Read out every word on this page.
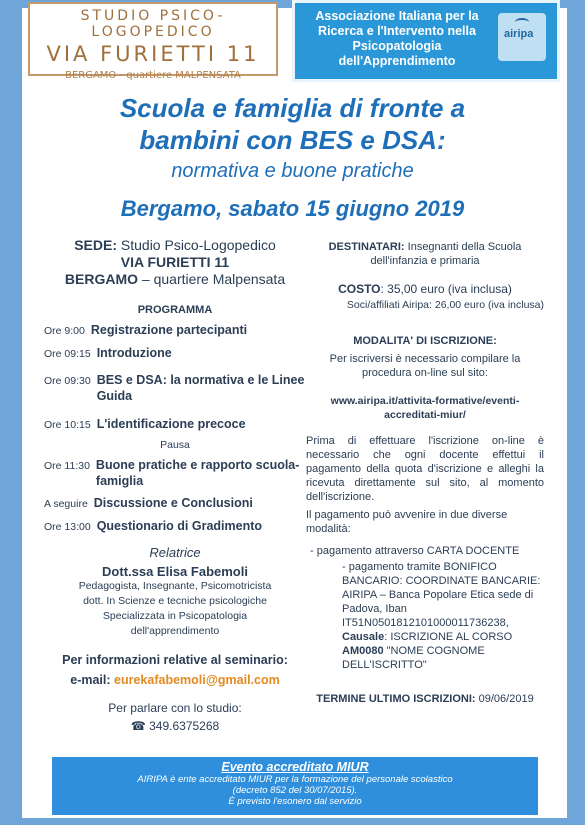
STUDIO PSICO-LOGOPEDICO
VIA FURIETTI 11
BERGAMO - quartiere MALPENSATA
Associazione Italiana per la Ricerca e l'Intervento nella Psicopatologia dell'Apprendimento
airipa
Scuola e famiglia di fronte a
bambini con BES e DSA:
normativa e buone pratiche
Bergamo, sabato 15 giugno 2019
SEDE: Studio Psico-Logopedico
VIA FURIETTI 11
BERGAMO – quartiere Malpensata
PROGRAMMA
Ore 9:00 Registrazione partecipanti
Ore 09:15 Introduzione
Ore 09:30 BES e DSA: la normativa e le Linee Guida
Ore 10:15 L'identificazione precoce
Pausa
Ore 11:30 Buone pratiche e rapporto scuola-famiglia
A seguire Discussione e Conclusioni
Ore 13:00 Questionario di Gradimento
Relatrice
Dott.ssa Elisa Fabemoli
Pedagogista, Insegnante, Psicomotricista
dott. In Scienze e tecniche psicologiche
Specializzata in Psicopatologia
dell'apprendimento
Per informazioni relative al seminario:
e-mail: eurekafabemoli@gmail.com
Per parlare con lo studio:
☎ 349.6375268
DESTINATARI: Insegnanti della Scuola dell'infanzia e primaria
COSTO: 35,00 euro (iva inclusa)
Soci/affiliati Airipa: 26,00 euro (iva inclusa)
MODALITA' DI ISCRIZIONE:
Per iscriversi è necessario compilare la procedura on-line sul sito:
www.airipa.it/attivita-formative/eventi-accreditati-miur/
Prima di effettuare l'iscrizione on-line è necessario che ogni docente effettui il pagamento della quota d'iscrizione e alleghi la ricevuta direttamente sul sito, al momento dell'iscrizione.
Il pagamento può avvenire in due diverse modalità:
- pagamento attraverso CARTA DOCENTE
- pagamento tramite BONIFICO BANCARIO: COORDINATE BANCARIE: AIRIPA – Banca Popolare Etica sede di Padova, Iban IT51N0501812101000011736238,
Causale: ISCRIZIONE AL CORSO AM0080 "NOME COGNOME DELL'ISCRITTO"
TERMINE ULTIMO ISCRIZIONI: 09/06/2019
Evento accreditato MIUR
AIRIPA è ente accreditato MIUR per la formazione del personale scolastico
(decreto 852 del 30/07/2015).
È previsto l'esonero dal servizio
